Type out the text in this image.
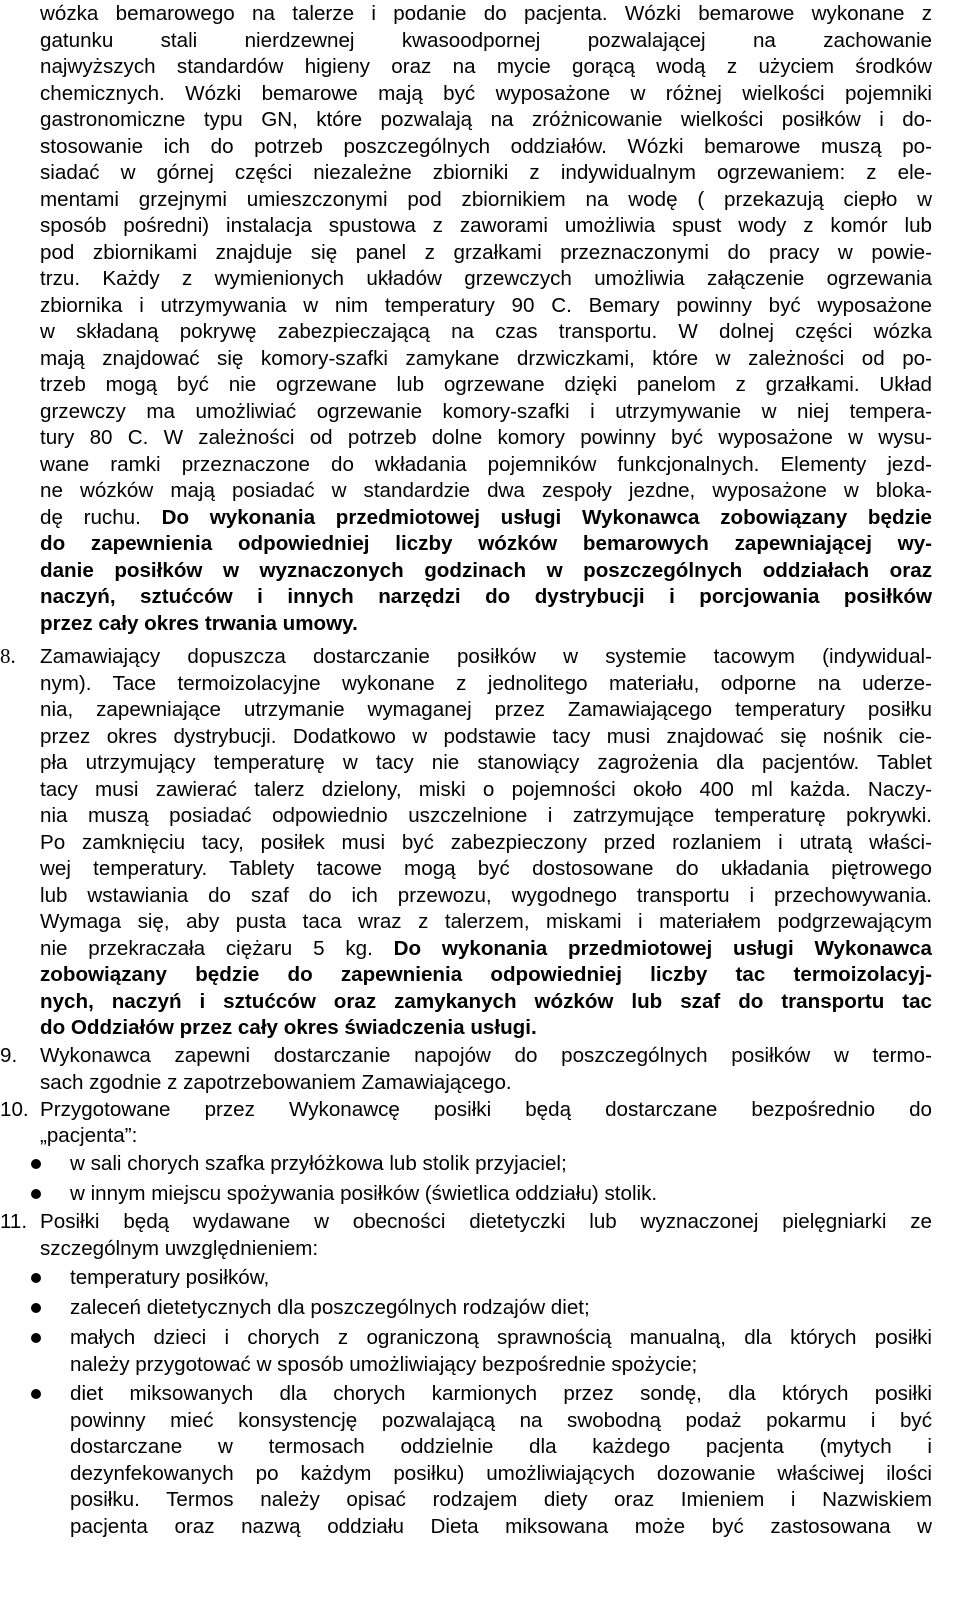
wózka bemarowego na talerze i podanie do pacjenta. Wózki bemarowe wykonane z
gatunku stali nierdzewnej kwasoodpornej pozwalającej na zachowanie
najwyższych standardów higieny oraz na mycie gorącą wodą z użyciem środków
chemicznych. Wózki bemarowe mają być wyposażone w różnej wielkości pojemniki
gastronomiczne typu GN, które pozwalają na zróżnicowanie wielkości posiłków i do-
stosowanie ich do potrzeb poszczególnych oddziałów. Wózki bemarowe muszą po-
siadać w górnej części niezależne zbiorniki z indywidualnym ogrzewaniem: z ele-
mentami grzejnymi umieszczonymi pod zbiornikiem na wodę ( przekazują ciepło w
sposób pośredni) instalacja spustowa z zaworami umożliwia spust wody z komór lub
pod zbiornikami znajduje się panel z grzałkami przeznaczonymi do pracy w powie-
trzu. Każdy z wymienionych układów grzewczych umożliwia załączenie ogrzewania
zbiornika i utrzymywania w nim temperatury 90 C. Bemary powinny być wyposażone
w składaną pokrywę zabezpieczającą na czas transportu. W dolnej części wózka
mają znajdować się komory-szafki zamykane drzwiczkami, które w zależności od po-
trzeb mogą być nie ogrzewane lub ogrzewane dzięki panelom z grzałkami. Układ
grzewczy ma umożliwiać ogrzewanie komory-szafki i utrzymywanie w niej tempera-
tury 80 C. W zależności od potrzeb dolne komory powinny być wyposażone w wysu-
wane ramki przeznaczone do wkładania pojemników funkcjonalnych. Elementy jezd-
ne wózków mają posiadać w standardzie dwa zespoły jezdne, wyposażone w bloka-
dę ruchu. Do wykonania przedmiotowej usługi Wykonawca zobowiązany będzie
do zapewnienia odpowiedniej liczby wózków bemarowych zapewniającej wy-
danie posiłków w wyznaczonych godzinach w poszczególnych oddziałach oraz
naczyń, sztućców i innych narzędzi do dystrybucji i porcjowania posiłków
przez cały okres trwania umowy.
8.	Zamawiający dopuszcza dostarczanie posiłków w systemie tacowym (indywidual-
nym). Tace termoizolacyjne wykonane z jednolitego materiału, odporne na uderze-
nia, zapewniające utrzymanie wymaganej przez Zamawiającego temperatury posiłku
przez okres dystrybucji. Dodatkowo w podstawie tacy musi znajdować się nośnik cie-
pła utrzymujący temperaturę w tacy nie stanowiący zagrożenia dla pacjentów. Tablet
tacy musi zawierać talerz dzielony, miski o pojemności około 400 ml każda. Naczy-
nia muszą posiadać odpowiednio uszczelnione i zatrzymujące temperaturę pokrywki.
Po zamknięciu tacy, posiłek musi być zabezpieczony przed rozlaniem i utratą właści-
wej temperatury. Tablety tacowe mogą być dostosowane do układania piętrowego
lub wstawiania do szaf do ich przewozu, wygodnego transportu i przechowywania.
Wymaga się, aby pusta taca wraz z talerzem, miskami i materiałem podgrzewającym
nie przekraczała ciężaru 5 kg. Do wykonania przedmiotowej usługi Wykonawca
zobowiązany będzie do zapewnienia odpowiedniej liczby tac termoizolacyj-
nych, naczyń i sztućców oraz zamykanych wózków lub szaf do transportu tac
do Oddziałów przez cały okres świadczenia usługi.
9.	Wykonawca zapewni dostarczanie napojów do poszczególnych posiłków w termo-
sach zgodnie z zapotrzebowaniem Zamawiającego.
10. Przygotowane przez Wykonawcę posiłki będą dostarczane bezpośrednio do
„pacjenta”:
w sali chorych szafka przyłóżkowa lub stolik przyjaciel;
w innym miejscu spożywania posiłków (świetlica oddziału) stolik.
11. Posiłki będą wydawane w obecności dietetyczki lub wyznaczonej pielęgniarki ze
szczególnym uwzględnieniem:
temperatury posiłków,
zaleceń dietetycznych dla poszczególnych rodzajów diet;
małych dzieci i chorych z ograniczoną sprawnością manualną, dla których posiłki
należy przygotować w sposób umożliwiający bezpośrednie spożycie;
diet miksowanych dla chorych karmionych przez sondę, dla których posiłki
powinny mieć konsystencję pozwalającą na swobodną podaż pokarmu i być
dostarczane w termosach oddzielnie dla każdego pacjenta (mytych i
dezynfekowanych po każdym posiłku) umożliwiających dozowanie właściwej ilości
posiłku. Termos należy opisać rodzajem diety oraz Imieniem i Nazwiskiem
pacjenta oraz nazwą oddziału Dieta miksowana może być zastosowana w
